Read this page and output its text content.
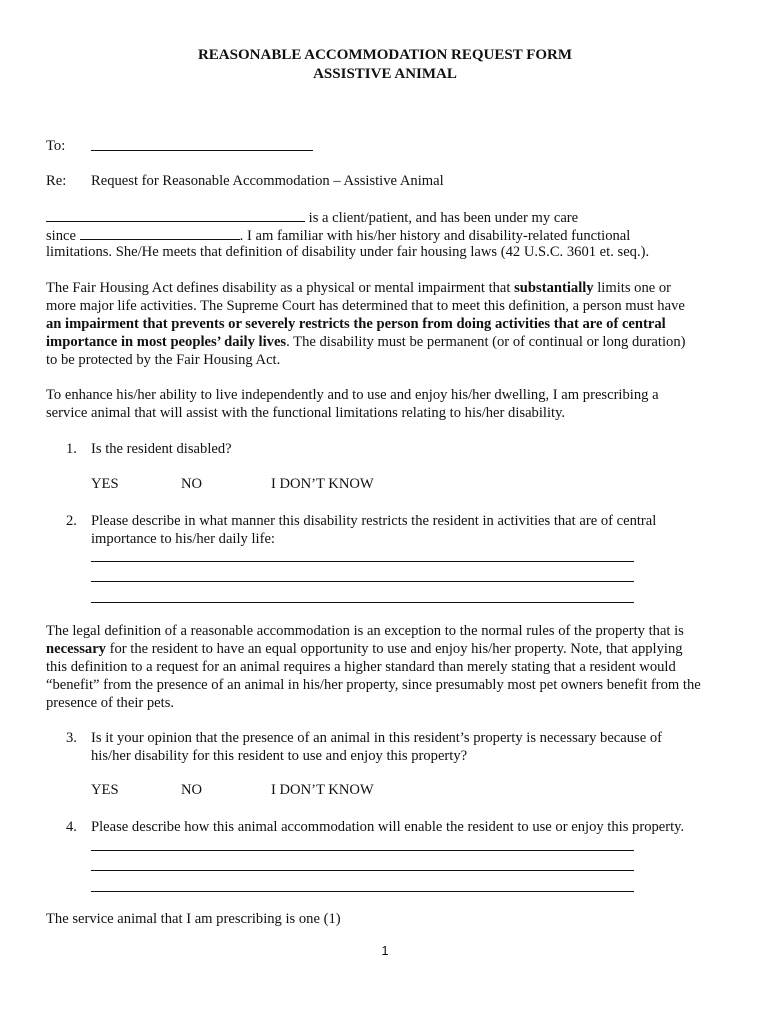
REASONABLE ACCOMMODATION REQUEST FORM
ASSISTIVE ANIMAL
To:
Re: Request for Reasonable Accommodation – Assistive Animal
is a client/patient, and has been under my care
since	. I am familiar with his/her history and disability-related functional
limitations. She/He meets that definition of disability under fair housing laws (42 U.S.C. 3601 et. seq.).
The Fair Housing Act defines disability as a physical or mental impairment that substantially limits one or
more major life activities. The Supreme Court has determined that to meet this definition, a person must have
an impairment that prevents or severely restricts the person from doing activities that are of central
importance in most peoples’ daily lives. The disability must be permanent (or of continual or long duration)
to be protected by the Fair Housing Act.
To enhance his/her ability to live independently and to use and enjoy his/her dwelling, I am prescribing a
service animal that will assist with the functional limitations relating to his/her disability.
1. Is the resident disabled?
YES	NO	I DON’T KNOW
2. Please describe in what manner this disability restricts the resident in activities that are of central
importance to his/her daily life:
The legal definition of a reasonable accommodation is an exception to the normal rules of the property that is
necessary for the resident to have an equal opportunity to use and enjoy his/her property. Note, that applying
this definition to a request for an animal requires a higher standard than merely stating that a resident would
“benefit” from the presence of an animal in his/her property, since presumably most pet owners benefit from the
presence of their pets.
3. Is it your opinion that the presence of an animal in this resident’s property is necessary because of
his/her disability for this resident to use and enjoy this property?
YES	NO	I DON’T KNOW
4. Please describe how this animal accommodation will enable the resident to use or enjoy this property.
The service animal that I am prescribing is one (1)
1
